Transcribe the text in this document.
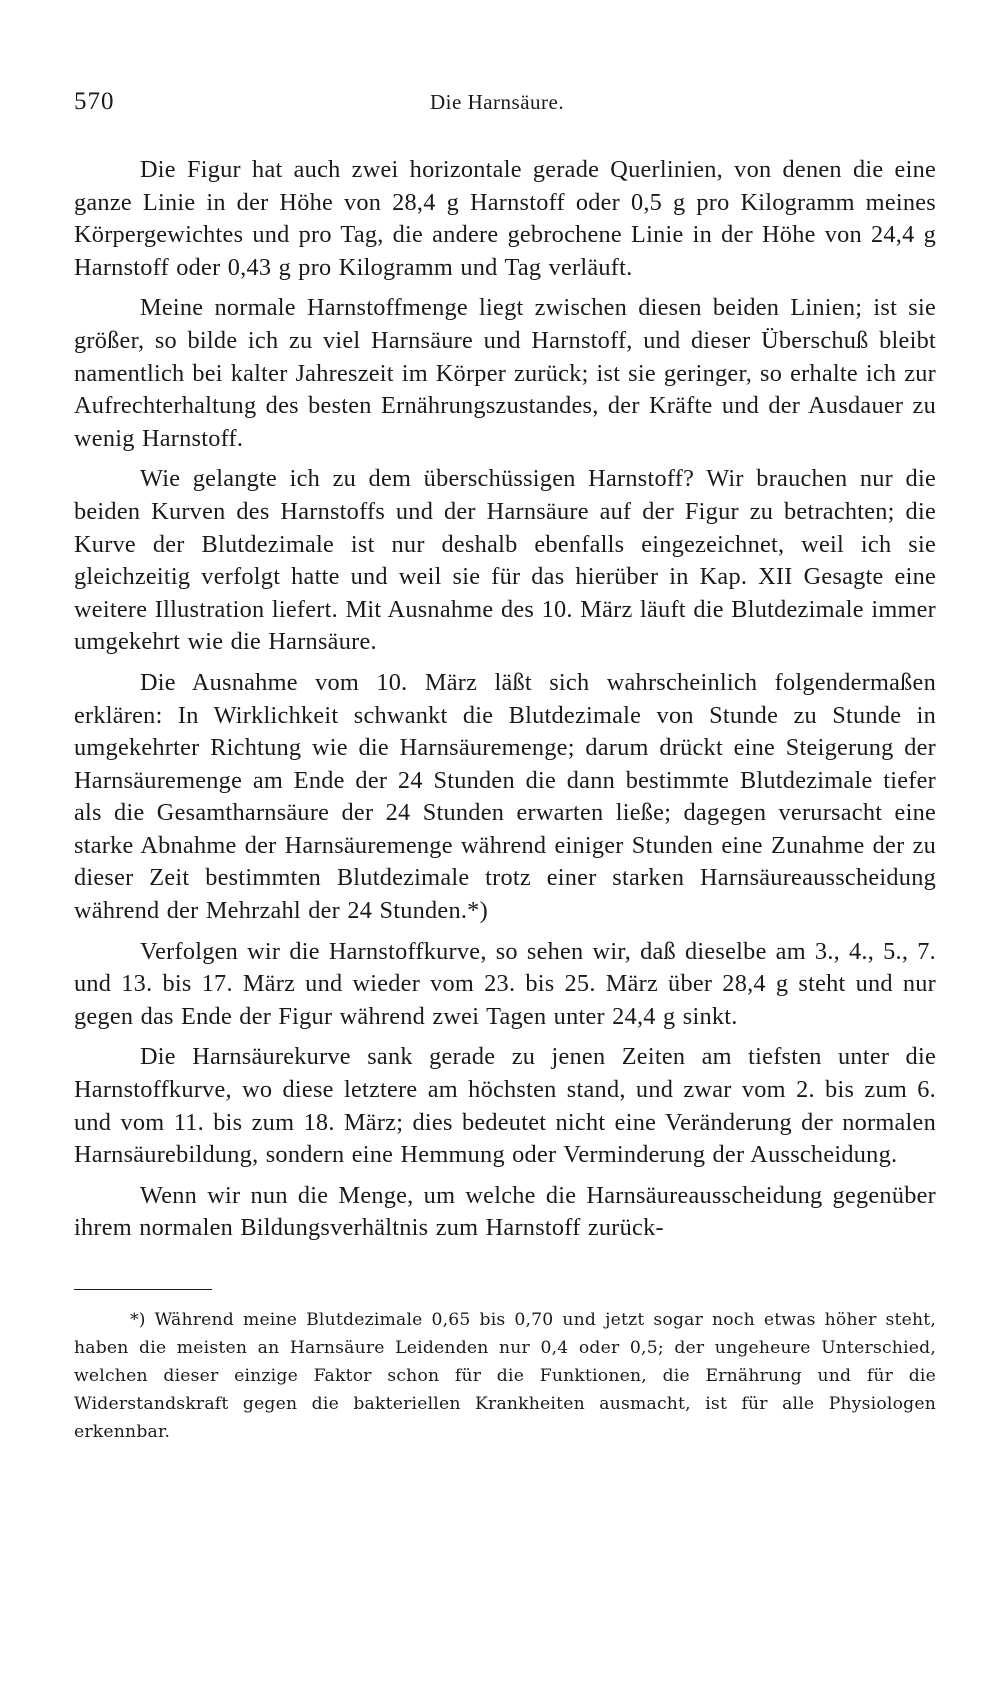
570	Die Harnsäure.

Die Figur hat auch zwei horizontale gerade Querlinien, von denen die eine ganze Linie in der Höhe von 28,4 g Harnstoff oder 0,5 g pro Kilogramm meines Körpergewichtes und pro Tag, die andere gebrochene Linie in der Höhe von 24,4 g Harnstoff oder 0,43 g pro Kilogramm und Tag verläuft.

Meine normale Harnstoffmenge liegt zwischen diesen beiden Linien; ist sie größer, so bilde ich zu viel Harnsäure und Harnstoff, und dieser Überschuß bleibt namentlich bei kalter Jahreszeit im Körper zurück; ist sie geringer, so erhalte ich zur Aufrechterhaltung des besten Ernährungszustandes, der Kräfte und der Ausdauer zu wenig Harnstoff.

Wie gelangte ich zu dem überschüssigen Harnstoff? Wir brauchen nur die beiden Kurven des Harnstoffs und der Harnsäure auf der Figur zu betrachten; die Kurve der Blutdezimale ist nur deshalb ebenfalls eingezeichnet, weil ich sie gleichzeitig verfolgt hatte und weil sie für das hierüber in Kap. XII Gesagte eine weitere Illustration liefert. Mit Ausnahme des 10. März läuft die Blutdezimale immer umgekehrt wie die Harnsäure.

Die Ausnahme vom 10. März läßt sich wahrscheinlich folgendermaßen erklären: In Wirklichkeit schwankt die Blutdezimale von Stunde zu Stunde in umgekehrter Richtung wie die Harnsäuremenge; darum drückt eine Steigerung der Harnsäuremenge am Ende der 24 Stunden die dann bestimmte Blutdezimale tiefer als die Gesamtharnsäure der 24 Stunden erwarten ließe; dagegen verursacht eine starke Abnahme der Harnsäuremenge während einiger Stunden eine Zunahme der zu dieser Zeit bestimmten Blutdezimale trotz einer starken Harnsäureausscheidung während der Mehrzahl der 24 Stunden.*)

Verfolgen wir die Harnstoffkurve, so sehen wir, daß dieselbe am 3., 4., 5., 7. und 13. bis 17. März und wieder vom 23. bis 25. März über 28,4 g steht und nur gegen das Ende der Figur während zwei Tagen unter 24,4 g sinkt.

Die Harnsäurekurve sank gerade zu jenen Zeiten am tiefsten unter die Harnstoffkurve, wo diese letztere am höchsten stand, und zwar vom 2. bis zum 6. und vom 11. bis zum 18. März; dies bedeutet nicht eine Veränderung der normalen Harnsäurebildung, sondern eine Hemmung oder Verminderung der Ausscheidung.

Wenn wir nun die Menge, um welche die Harnsäureausscheidung gegenüber ihrem normalen Bildungsverhältnis zum Harnstoff zurück-

*) Während meine Blutdezimale 0,65 bis 0,70 und jetzt sogar noch etwas höher steht, haben die meisten an Harnsäure Leidenden nur 0,4 oder 0,5; der ungeheure Unterschied, welchen dieser einzige Faktor schon für die Funktionen, die Ernährung und für die Widerstandskraft gegen die bakteriellen Krankheiten ausmacht, ist für alle Physiologen erkennbar.
